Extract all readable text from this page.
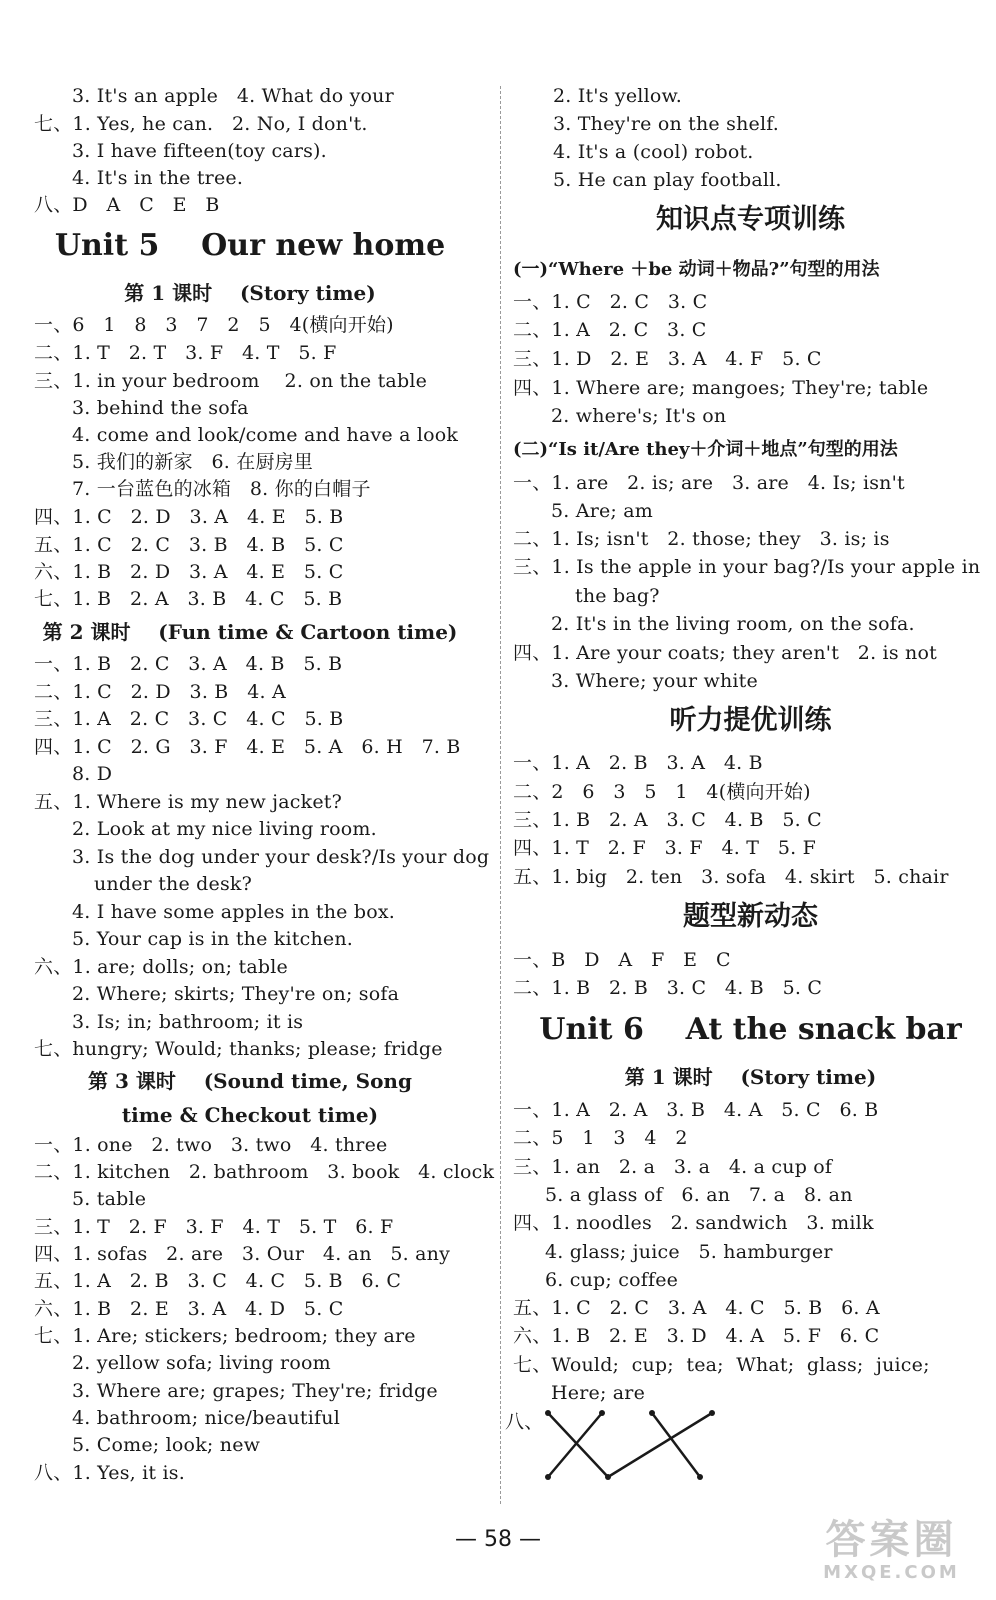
3. It's an apple   4. What do your
七、1. Yes, he can.   2. No, I don't.
3. I have fifteen(toy cars).
4. It's in the tree.
八、D   A   C   E   B
Unit 5    Our new home
第 1 课时    (Story time)
一、6   1   8   3   7   2   5   4(横向开始)
二、1. T   2. T   3. F   4. T   5. F
三、1. in your bedroom    2. on the table
3. behind the sofa
4. come and look/come and have a look
5. 我们的新家   6. 在厨房里
7. 一台蓝色的冰箱   8. 你的白帽子
四、1. C   2. D   3. A   4. E   5. B
五、1. C   2. C   3. B   4. B   5. C
六、1. B   2. D   3. A   4. E   5. C
七、1. B   2. A   3. B   4. C   5. B
第 2 课时    (Fun time & Cartoon time)
一、1. B   2. C   3. A   4. B   5. B
二、1. C   2. D   3. B   4. A
三、1. A   2. C   3. C   4. C   5. B
四、1. C   2. G   3. F   4. E   5. A   6. H   7. B
8. D
五、1. Where is my new jacket?
2. Look at my nice living room.
3. Is the dog under your desk?/Is your dog
under the desk?
4. I have some apples in the box.
5. Your cap is in the kitchen.
六、1. are; dolls; on; table
2. Where; skirts; They're on; sofa
3. Is; in; bathroom; it is
七、hungry; Would; thanks; please; fridge
第 3 课时    (Sound time, Song
time & Checkout time)
一、1. one   2. two   3. two   4. three
二、1. kitchen   2. bathroom   3. book   4. clock
5. table
三、1. T   2. F   3. F   4. T   5. T   6. F
四、1. sofas   2. are   3. Our   4. an   5. any
五、1. A   2. B   3. C   4. C   5. B   6. C
六、1. B   2. E   3. A   4. D   5. C
七、1. Are; stickers; bedroom; they are
2. yellow sofa; living room
3. Where are; grapes; They're; fridge
4. bathroom; nice/beautiful
5. Come; look; new
八、1. Yes, it is.
2. It's yellow.
3. They're on the shelf.
4. It's a (cool) robot.
5. He can play football.
知识点专项训练
(一)“Where ＋be 动词＋物品?”句型的用法
一、1. C   2. C   3. C
二、1. A   2. C   3. C
三、1. D   2. E   3. A   4. F   5. C
四、1. Where are; mangoes; They're; table
2. where's; It's on
(二)“Is it/Are they＋介词＋地点”句型的用法
一、1. are   2. is; are   3. are   4. Is; isn't
5. Are; am
二、1. Is; isn't   2. those; they   3. is; is
三、1. Is the apple in your bag?/Is your apple in
the bag?
2. It's in the living room, on the sofa.
四、1. Are your coats; they aren't   2. is not
3. Where; your white
听力提优训练
一、1. A   2. B   3. A   4. B
二、2   6   3   5   1   4(横向开始)
三、1. B   2. A   3. C   4. B   5. C
四、1. T   2. F   3. F   4. T   5. F
五、1. big   2. ten   3. sofa   4. skirt   5. chair
题型新动态
一、B   D   A   F   E   C
二、1. B   2. B   3. C   4. B   5. C
Unit 6    At the snack bar
第 1 课时    (Story time)
一、1. A   2. A   3. B   4. A   5. C   6. B
二、5   1   3   4   2
三、1. an   2. a   3. a   4. a cup of
5. a glass of   6. an   7. a   8. an
四、1. noodles   2. sandwich   3. milk
4. glass; juice   5. hamburger
6. cup; coffee
五、1. C   2. C   3. A   4. C   5. B   6. A
六、1. B   2. E   3. D   4. A   5. F   6. C
七、Would;  cup;  tea;  What;  glass;  juice;
Here; are
八、
— 58 —	答案圈
MXQE.COM
